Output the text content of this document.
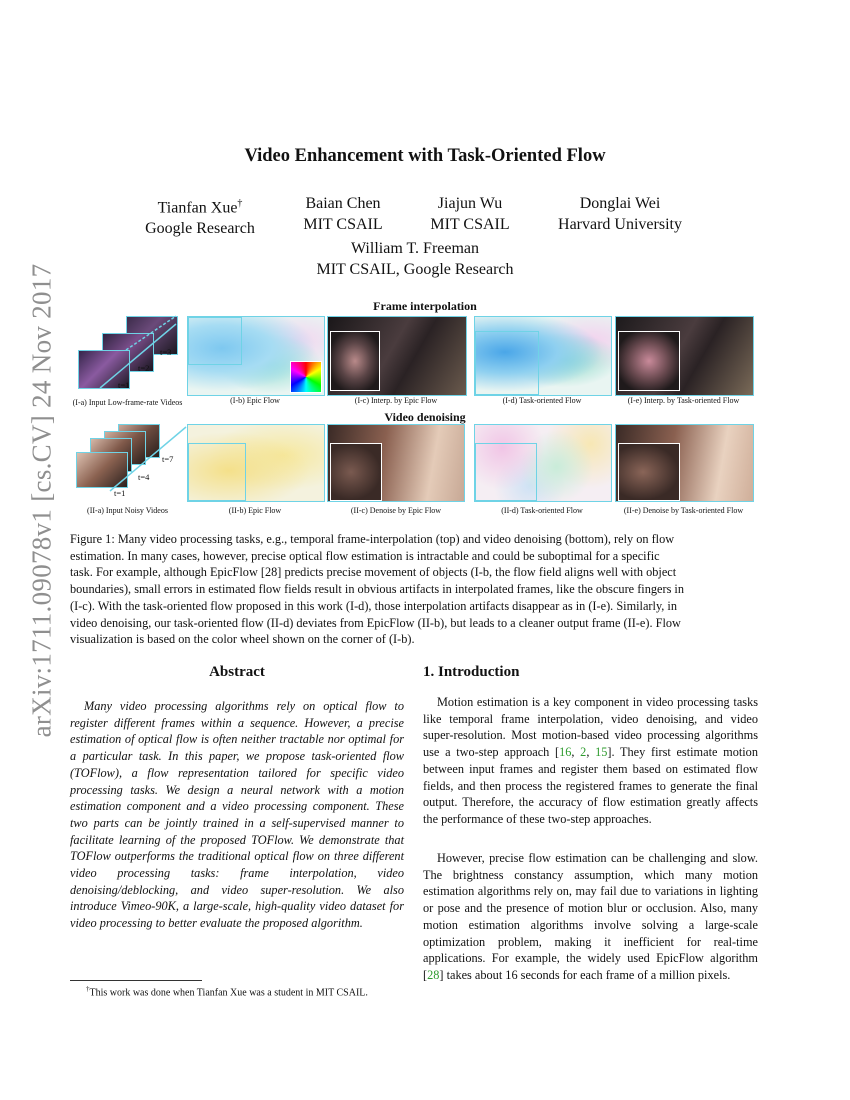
arXiv:1711.09078v1 [cs.CV] 24 Nov 2017
Video Enhancement with Task-Oriented Flow
Tianfan Xue†
Google Research
Baian Chen
MIT CSAIL
Jiajun Wu
MIT CSAIL
Donglai Wei
Harvard University
William T. Freeman
MIT CSAIL, Google Research
Frame interpolation
Video denoising
t=3
t=2
t=1
(I-a) Input Low-frame-rate Videos	(I-b) Epic Flow	(I-c) Interp. by Epic Flow	(I-d) Task-oriented Flow	(I-e) Interp. by Task-oriented Flow
t=7
t=4
t=1
(II-a) Input Noisy Videos	(II-b) Epic Flow	(II-c) Denoise by Epic Flow	(II-d) Task-oriented Flow	(II-e) Denoise by Task-oriented Flow
Figure 1: Many video processing tasks, e.g., temporal frame-interpolation (top) and video denoising (bottom), rely on flow
estimation. In many cases, however, precise optical flow estimation is intractable and could be suboptimal for a specific
task. For example, although EpicFlow [28] predicts precise movement of objects (I-b, the flow field aligns well with object
boundaries), small errors in estimated flow fields result in obvious artifacts in interpolated frames, like the obscure fingers in
(I-c). With the task-oriented flow proposed in this work (I-d), those interpolation artifacts disappear as in (I-e). Similarly, in
video denoising, our task-oriented flow (II-d) deviates from EpicFlow (II-b), but leads to a cleaner output frame (II-e). Flow
visualization is based on the color wheel shown on the corner of (I-b).
Abstract
Many video processing algorithms rely on optical flow to register different frames within a sequence. However, a precise estimation of optical flow is often neither tractable nor optimal for a particular task. In this paper, we propose task-oriented flow (TOFlow), a flow representation tailored for specific video processing tasks. We design a neural network with a motion estimation component and a video processing component. These two parts can be jointly trained in a self-supervised manner to facilitate learning of the proposed TOFlow. We demonstrate that TOFlow outperforms the traditional optical flow on three different video processing tasks: frame interpolation, video denoising/deblocking, and video super-resolution. We also introduce Vimeo-90K, a large-scale, high-quality video dataset for video processing to better evaluate the proposed algorithm.
1. Introduction
Motion estimation is a key component in video processing tasks like temporal frame interpolation, video denoising, and video super-resolution. Most motion-based video processing algorithms use a two-step approach [16, 2, 15]. They first estimate motion between input frames and register them based on estimated flow fields, and then process the registered frames to generate the final output. Therefore, the accuracy of flow estimation greatly affects the performance of these two-step approaches.
However, precise flow estimation can be challenging and slow. The brightness constancy assumption, which many motion estimation algorithms rely on, may fail due to variations in lighting or pose and the presence of motion blur or occlusion. Also, many motion estimation algorithms involve solving a large-scale optimization problem, making it inefficient for real-time applications. For example, the widely used EpicFlow algorithm [28] takes about 16 seconds for each frame of a million pixels.
†This work was done when Tianfan Xue was a student in MIT CSAIL.
